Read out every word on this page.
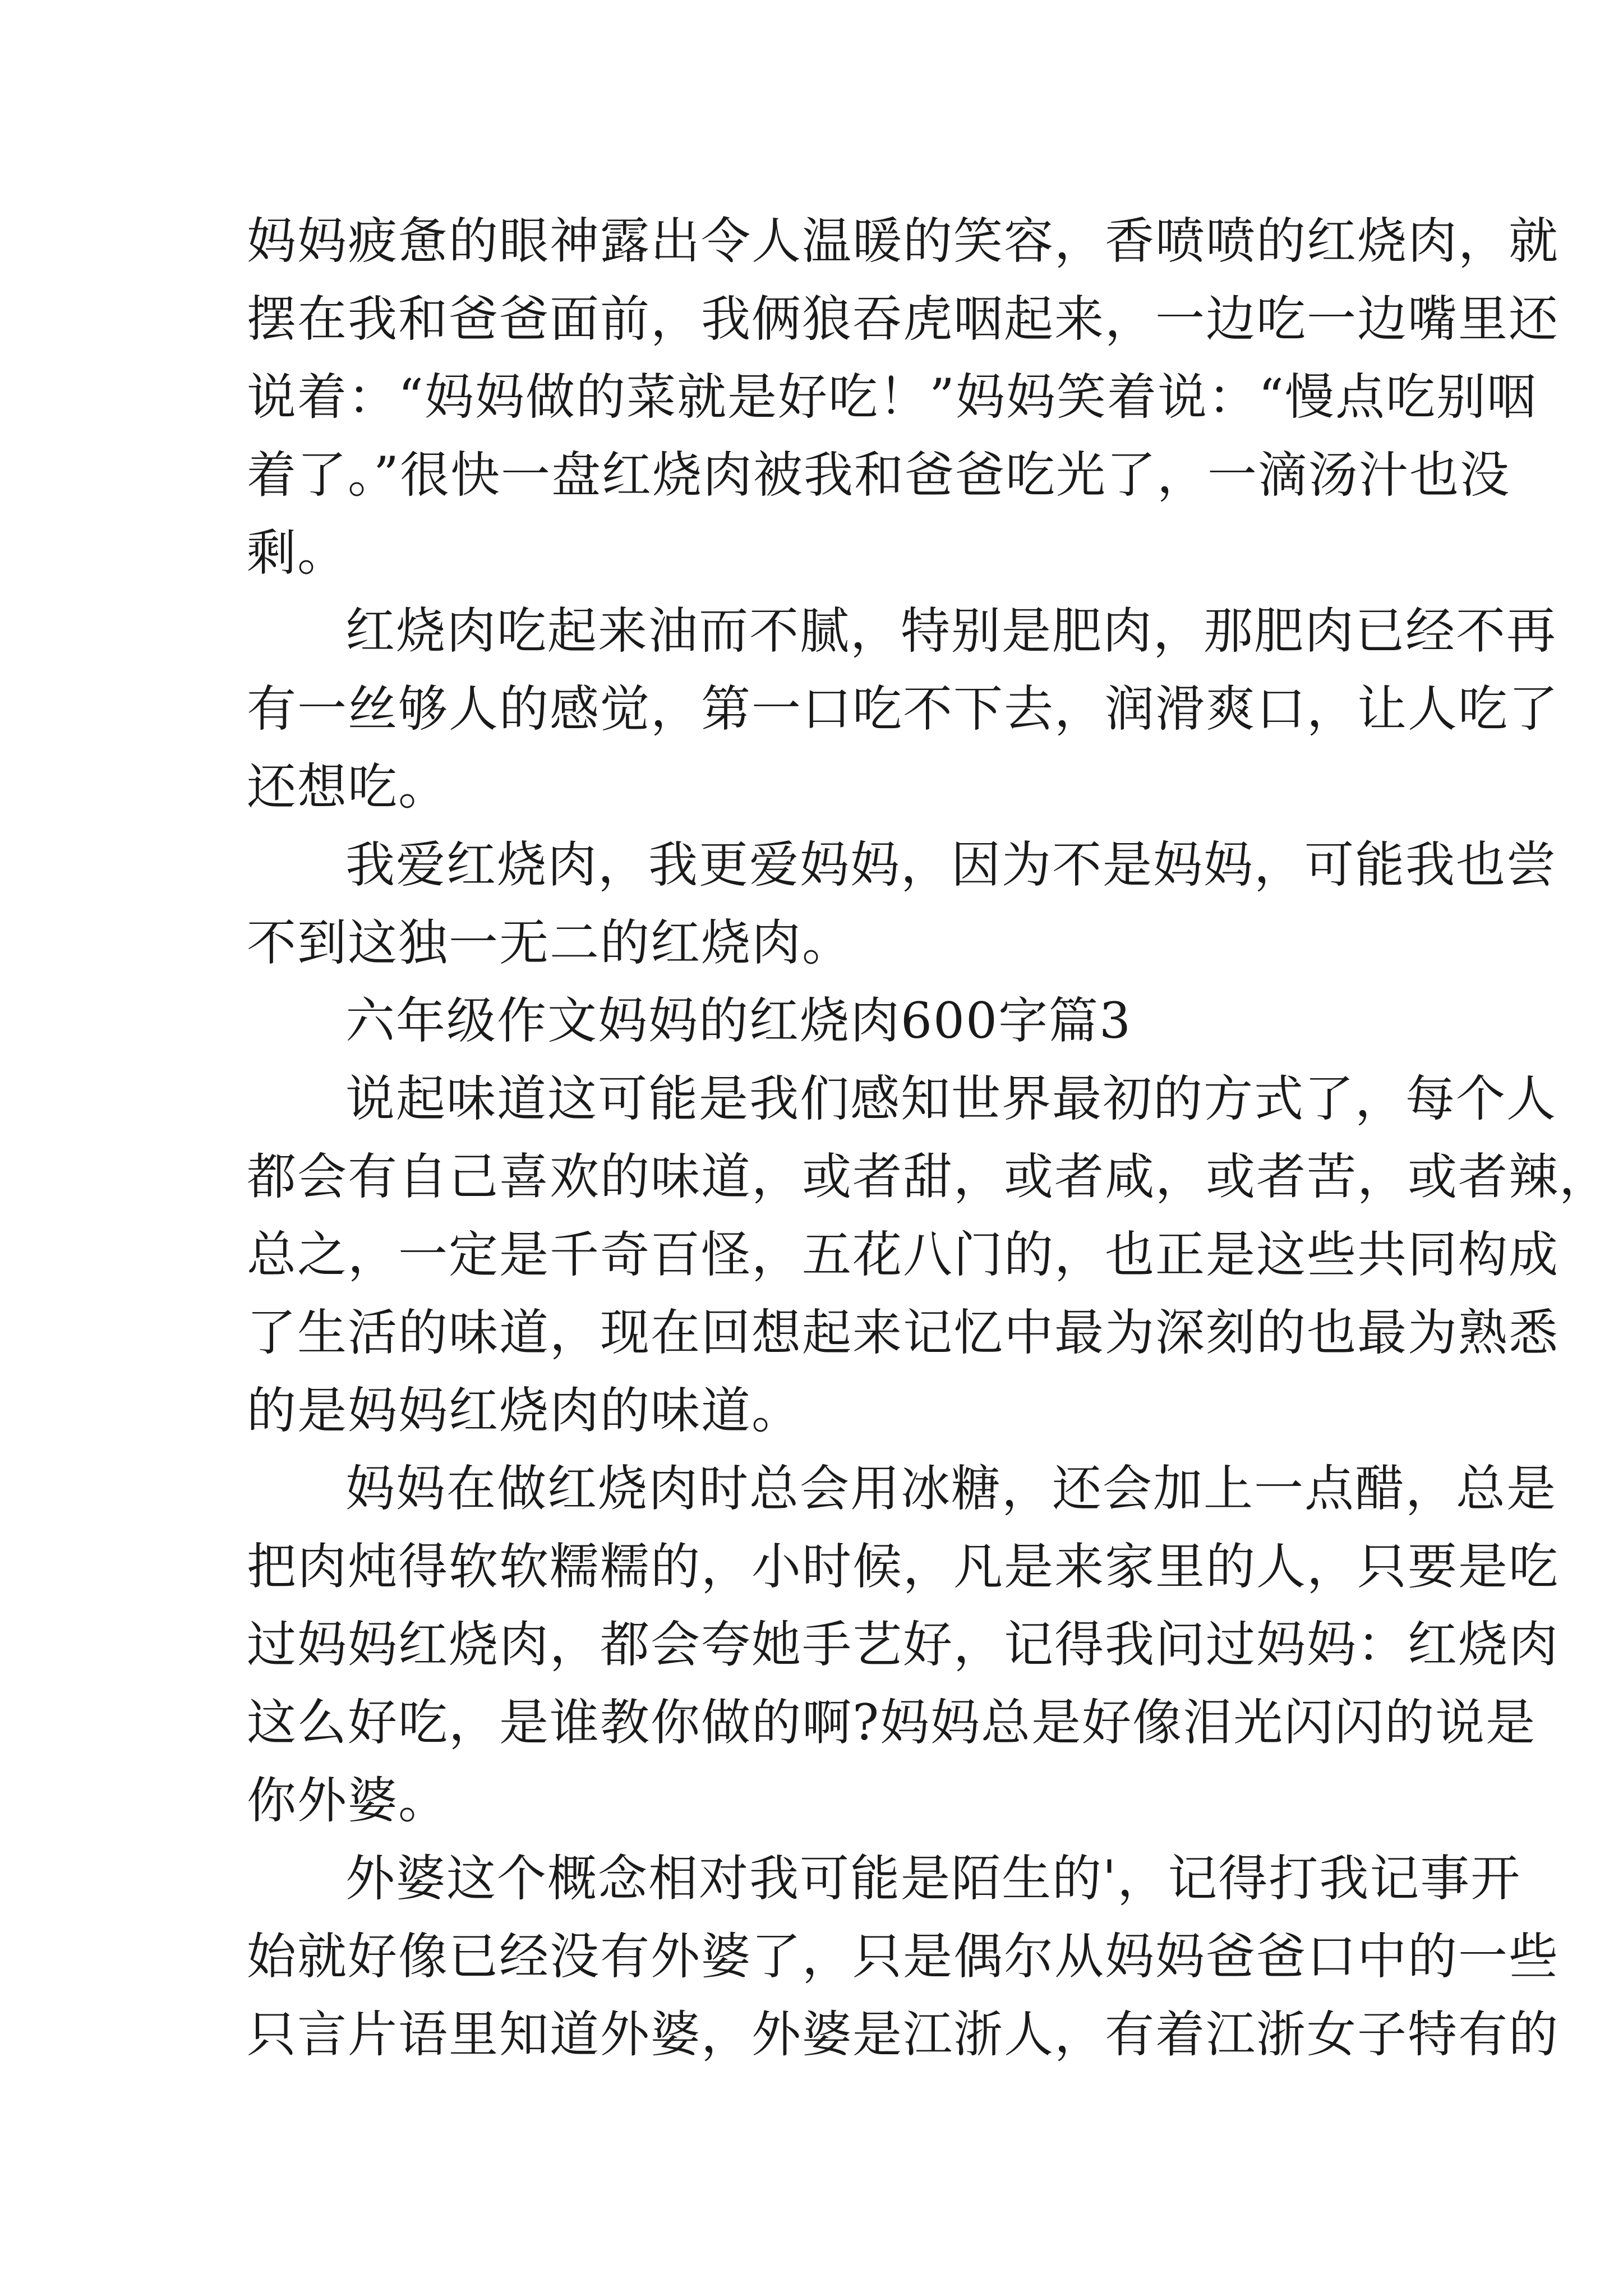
妈妈疲惫的眼神露出令人温暖的笑容，香喷喷的红烧肉，就
摆在我和爸爸面前，我俩狼吞虎咽起来，一边吃一边嘴里还
说着：“妈妈做的菜就是好吃！”妈妈笑着说：“慢点吃别咽
着了。”很快一盘红烧肉被我和爸爸吃光了，一滴汤汁也没
剩。
红烧肉吃起来油而不腻，特别是肥肉，那肥肉已经不再
有一丝够人的感觉，第一口吃不下去，润滑爽口，让人吃了
还想吃。
我爱红烧肉，我更爱妈妈，因为不是妈妈，可能我也尝
不到这独一无二的红烧肉。
六年级作文妈妈的红烧肉600字篇3
说起味道这可能是我们感知世界最初的方式了，每个人
都会有自己喜欢的味道，或者甜，或者咸，或者苦，或者辣，
总之，一定是千奇百怪，五花八门的，也正是这些共同构成
了生活的味道，现在回想起来记忆中最为深刻的也最为熟悉
的是妈妈红烧肉的味道。
妈妈在做红烧肉时总会用冰糖，还会加上一点醋，总是
把肉炖得软软糯糯的，小时候，凡是来家里的人，只要是吃
过妈妈红烧肉，都会夸她手艺好，记得我问过妈妈：红烧肉
这么好吃，是谁教你做的啊?妈妈总是好像泪光闪闪的说是
你外婆。
外婆这个概念相对我可能是陌生的'，记得打我记事开
始就好像已经没有外婆了，只是偶尔从妈妈爸爸口中的一些
只言片语里知道外婆，外婆是江浙人，有着江浙女子特有的
